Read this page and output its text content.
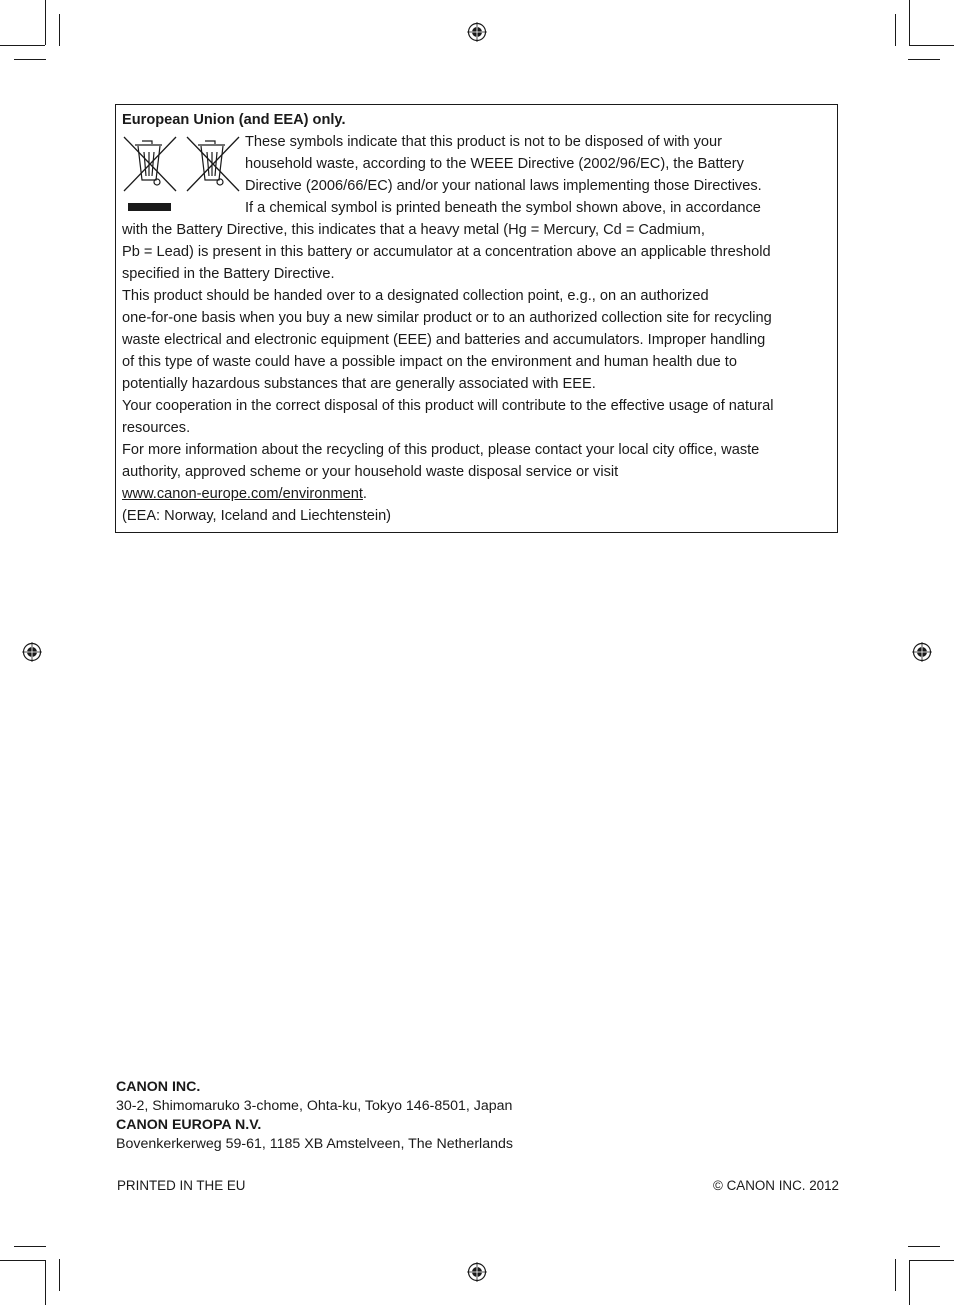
European Union (and EEA) only.
These symbols indicate that this product is not to be disposed of with your
household waste, according to the WEEE Directive (2002/96/EC), the Battery
Directive (2006/66/EC) and/or your national laws implementing those Directives.
If a chemical symbol is printed beneath the symbol shown above, in accordance
with the Battery Directive, this indicates that a heavy metal (Hg = Mercury, Cd = Cadmium,
Pb = Lead) is present in this battery or accumulator at a concentration above an applicable threshold
specified in the Battery Directive.
This product should be handed over to a designated collection point, e.g., on an authorized
one-for-one basis when you buy a new similar product or to an authorized collection site for recycling
waste electrical and electronic equipment (EEE) and batteries and accumulators. Improper handling
of this type of waste could have a possible impact on the environment and human health due to
potentially hazardous substances that are generally associated with EEE.
Your cooperation in the correct disposal of this product will contribute to the effective usage of natural
resources.
For more information about the recycling of this product, please contact your local city office, waste
authority, approved scheme or your household waste disposal service or visit
www.canon-europe.com/environment.
(EEA: Norway, Iceland and Liechtenstein)
CANON INC.
30-2, Shimomaruko 3-chome, Ohta-ku, Tokyo 146-8501, Japan
CANON EUROPA N.V.
Bovenkerkerweg 59-61, 1185 XB Amstelveen, The Netherlands
PRINTED IN THE EU	© CANON INC. 2012
